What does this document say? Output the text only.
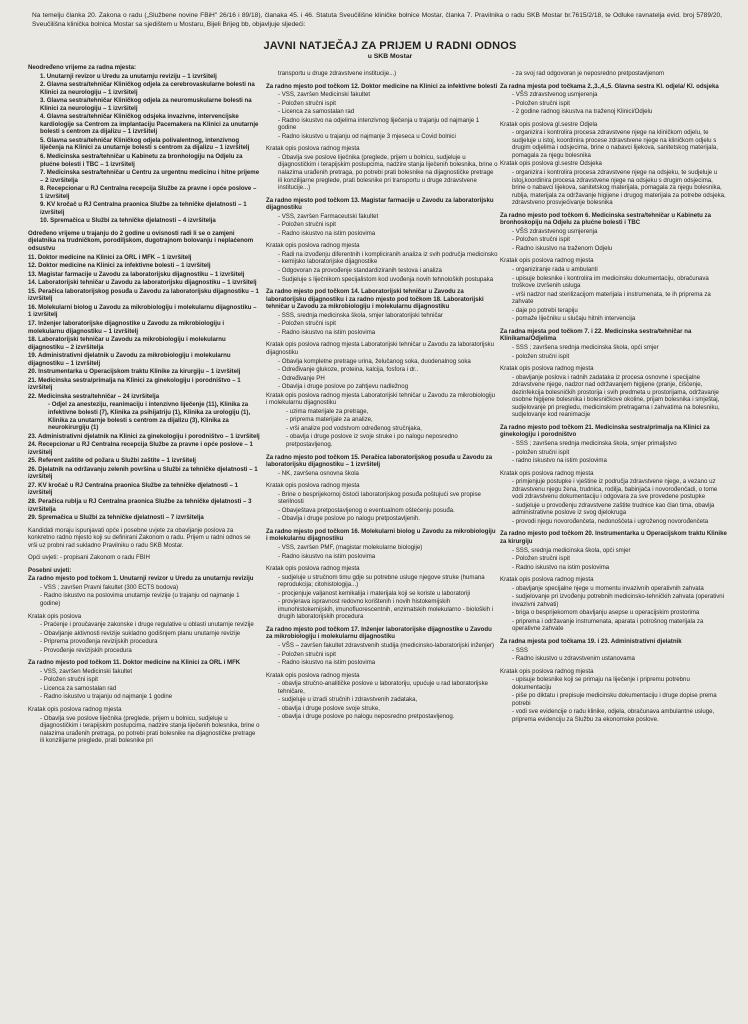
Na temelju članka 20. Zakona o radu („Službene novine FBiH" 26/16 i 89/18), članaka 45. i 46. Statuta Sveučilišne kliničke bolnice Mostar, članka 7. Pravilnika o radu SKB Mostar br.7615/2/18, te Odluke ravnatelja evid. broj 5789/20, Sveučilišna klinička bolnica Mostar sa sjedištem u Mostaru, Bijeli Brijeg bb, objavljuje sljedeći:
JAVNI NATJEČAJ ZA PRIJEM U RADNI ODNOS
u SKB Mostar

Neodređeno vrijeme za radna mjesta:

1. Unutarnji revizor u Uredu za unutarnju reviziju – 1 izvršitelj

2. Glavna sestra/tehničar Kliničkog odjela za cerebrovaskularne bolesti na Klinici za neurologiju – 1 izvršitelj

3. Glavna sestra/tehničar Kliničkog odjela za neuromuskularne bolesti na Klinici za neurologiju – 1 izvršitelj

4. Glavna sestra/tehničar Kliničkog odsjeka invazivne, intervencijske kardiologije sa Centrom za implantaciju Pacemakera na Klinici za unutarnje bolesti s centrom za dijalizu – 1 izvršitelj

5. Glavna sestra/tehničar Kliničkog odjela polivalentnog, intenzivnog liječenja na Klinici za unutarnje bolesti s centrom za dijalizu – 1 izvršitelj

6. Medicinska sestra/tehničar u Kabinetu za bronhologiju na Odjelu za plućne bolesti i TBC – 1 izvršitelj

7. Medicinska sestra/tehničar u Centru za urgentnu medicinu i hitne prijeme – 2 izvršitelja

8. Recepcionar u RJ Centralna recepcija Službe za pravne i opće poslove – 1 izvršitelj

9. KV kročač u RJ Centralna praonica Službe za tehničke djelatnosti – 1 izvršitelj

10. Spremačica u Službi za tehničke djelatnosti – 4 izvršitelja

Određeno vrijeme u trajanju do 2 godine u ovisnosti radi li se o zamjeni djelatnika na trudničkom, porodiljskom, dugotrajnom bolovanju i neplaćenom odsustvu

11. Doktor medicine na Klinici za ORL i MFK – 1 izvršitelj

12. Doktor medicine na Klinici za infektivne bolesti – 1 izvršitelj

13. Magistar farmacije u Zavodu za laboratorijsku dijagnostiku – 1 izvršitelj

14. Laboratorijski tehničar u Zavodu za laboratorijsku dijagnostiku – 1 izvršitelj

15. Peračica laboratorijskog posuđa u Zavodu za laboratorijsku dijagnostiku – 1 izvršitelj

16. Molekularni biolog u Zavodu za mikrobiologiju i molekularnu dijagnostiku – 1 izvršitelj

17. Inženjer laboratorijske dijagnostike u Zavodu za mikrobiologiju i molekularnu dijagnostiku – 1 izvršitelj

18. Laboratorijski tehničar u Zavodu za mikrobiologiju i molekularnu dijagnostiku – 2 izvršitelja

19. Administrativni djelatnik u Zavodu za mikrobiologiju i molekularnu dijagnostiku – 1 izvršitelj

20. Instrumentarka u Operacijskom traktu Klinike za kirurgiju – 1 izvršitelj

21. Medicinska sestra/primalja na Klinici za ginekologiju i porodništvo – 1 izvršitelj

22. Medicinska sestra/tehničar – 24 izvršitelja

- Odjel za anesteziju, reanimaciju i intenzivno liječenje (11), Klinika za infektivne bolesti (7), Klinika za psihijatriju (1), Klinika za urologiju (1), Klinika za unutarnje bolesti s centrom za dijalizu (3), Klinika za neurokirurgiju (1)

23. Administrativni djelatnik na Klinici za ginekologiju i porodništvo – 1 izvršitelj

24. Recepcionar u RJ Centralna recepcija Službe za pravne i opće poslove – 1 izvršitelj

25. Referent zaštite od požara u Službi zaštite – 1 izvršitelj

26. Djelatnik na održavanju zelenih površina u Službi za tehničke djelatnosti – 1 izvršitelj

27. KV kročač u RJ Centralna praonica Službe za tehničke djelatnosti – 1 izvršitelj

28. Peračica rublja u RJ Centralna praonica Službe za tehničke djelatnosti – 3 izvršitelja

29. Spremačica u Službi za tehničke djelatnosti – 7 izvršitelja

Kandidati moraju ispunjavati opće i posebne uvjete za obavljanje poslova za konkretno radno mjesto koji su definirani Zakonom o radu. Prijem u radni odnos se vrši uz probni rad sukladno Pravilniku o radu SKB Mostar.

Opći uvjeti: - propisani Zakonom o radu FBIH

Posebni uvjeti:

Za radno mjesto pod točkom 1. Unutarnji revizor u Uredu za unutarnju reviziju

- VSS ; završen Pravni fakultet (300 ECTS bodova)

- Radno iskustvo na poslovima unutarnje revizije (u trajanju od najmanje 1 godine)

Kratak opis poslova

- Praćenje i proučavanje zakonske i druge regulative u oblasti unutarnje revizije

- Obavljanje aktivnosti revizije sukladno godišnjem planu unutarnje revizije

- Priprema provođenja revizijskih procedura

- Provođenje revizijskih procedura

Za radno mjesto pod točkom 11. Doktor medicine na Klinici za ORL i MFK

- VSS, završen Medicinski fakultet

- Položen stručni ispit

- Licenca za samostalan rad

- Radno iskustvo u trajanju od najmanje 1 godine

Kratak opis poslova radnog mjesta

- Obavlja sve poslove liječnika (preglede, prijem u bolnicu, sudjeluje u dijagnostičkim i terapijskim postupcima, nadzire stanja liječenih bolesnika, brine o nalazima urađenih pretraga, po potrebi prati bolesnike na dijagnostičke pretrage ili konzilijarne preglede, prati bolesnike pri

transportu u druge zdravstvene institucije...)

Za radno mjesto pod točkom 12. Doktor medicine na Klinici za infektivne bolesti

- VSS, završen Medicinski fakultet

- Položen stručni ispit

- Licenca za samostalan rad

- Radno iskustvo na odjelima intenzivnog liječenja u trajanju od najmanje 1 godine

- Radno iskustvo u trajanju od najmanje 3 mjeseca u Covid bolnici

Kratak opis poslova radnog mjesta

- Obavlja sve poslove liječnika (preglede, prijem u bolnicu, sudjeluje u dijagnostičkim i terapijskim postupcima, nadzire stanja liječenih bolesnika, brine o nalazima urađenih pretraga, po potrebi prati bolesnike na dijagnostičke pretrage ili konzilijarne preglede, prati bolesnike pri transportu u druge zdravstvene institucije...)

Za radno mjesto pod točkom 13. Magistar farmacije u Zavodu za laboratorijsku dijagnostiku

- VSS, završen Farmaceutski fakultet

- Položen stručni ispit

- Radno iskustvo na istim poslovima

Kratak opis poslova radnog mjesta

- Radi na izvođenju diferentnih i kompliciranih analiza iz svih područja medicinsko - kemijsko laboratorijske dijagnostike

- Odgovoran za provođenje standardiziranih testova i analiza

- Sudjeluje s liječnikom specijalistom kod uvođenja novih tehnoloških postupaka

Za radno mjesto pod točkom 14. Laboratorijski tehničar u Zavodu za laboratorijsku dijagnostiku i za radno mjesto pod točkom 18. Laboratorijski tehničar u Zavodu za mikrobiologiju i molekularnu dijagnostiku

- SSS, srednja medicinska škola, smjer laboratorijski tehničar

- Položen stručni ispit

- Radno iskustvo na istim poslovima

Kratak opis poslova radnog mjesta Laboratorijski tehničar u Zavodu za laboratorijsku dijagnostiku

- Obavlja kompletne pretrage urina, želučanog soka, duodenalnog soka

- Određivanje glukoze, proteina, kalcija, fosfora i dr..

- Određivanje PH

- Obavlja i druge poslove po zahtjevu nadležnog

Kratak opis poslova radnog mjesta Laboratorijski tehničar u Zavodu za mikrobiologiju i molekularnu dijagnostiku

- uzima materijale za pretrage,

- priprema materijale za analize,

- vrši analize pod vodstvom određenog stručnjaka,

- obavlja i druge poslove iz svoje struke i po nalogu neposredno pretpostavljenog.

Za radno mjesto pod točkom 15. Peračica laboratorijskog posuđa u Zavodu za laboratorijsku dijagnostiku – 1 izvršitelj

- NK, završena osnovna škola

Kratak opis poslova radnog mjesta

- Brine o besprijekornoj čistoći laboratorijskog posuđa poštujući sve propise sterilnosti

- Obavještava pretpostavljenog o eventualnom oštećenju posuđa.

- Obavlja i druge poslove po nalogu pretpostavljenih.

Za radno mjesto pod točkom 16. Molekularni biolog u Zavodu za mikrobiologiju i molekularnu dijagnostiku

- VSS, završen PMF, (magistar molekularne biologije)

- Radno iskustvo na istim poslovima

Kratak opis poslova radnog mjesta

- sudjeluje u stručnom timu gdje su potrebne usluge njegove struke (humana reprodukcija; citohistologija...)

- procjenjuje valjanost kemikalija i materijala koji se koriste u laboratoriji

- provjerava ispravnost redovno korištenih i novih histokemijskih imunohistokemijskih, imunofluorescentnih, enzimatskih molekularno - bioloških i drugih laboratorijskih procedura

Za radno mjesto pod točkom 17. Inženjer laboratorijske dijagnostike u Zavodu za mikrobiologiju i molekularnu dijagnostiku

- VŠS – završen fakultet zdravstvenih studija (medicinsko-laboratorijski inženjer)

- Položen stručni ispit

- Radno iskustvo na istim poslovima

Kratak opis poslova radnog mjesta

- obavlja stručno-analitičke poslove u laboratoriju, upućuje u rad laboratorijske tehničare,

- sudjeluje u izradi stručnih i zdravstvenih zadataka,

- obavlja i druge poslove svoje struke,

- obavlja i druge poslove po nalogu neposredno pretpostavljenog.

- za svoj rad odgovoran je neposredno pretpostavljenom

Za radna mjesta pod točkama 2.,3.,4.,5. Glavna sestra Kl. odjela/ Kl. odsjeka

- VŠS zdravstvenog usmjerenja

- Položen stručni ispit

- 2 godine radnog iskustva na traženoj Klinici/Odjelu

Kratak opis poslova gl.sestre Odjela

- organizira i kontrolira procesa zdravstvene njege na kliničkom odjelu, te sudjeluje u istoj, koordinira procese zdravstvene njege na kliničkom odjelu s drugim odjelima i odsjecima, brine o nabavci lijekova, sanitetskog materijala, pomagala za njegu bolesnika

Kratak opis poslova gl.sestre Odsjeka

- organizira i kontrolira procesa zdravstvene njege na odsjeku, te sudjeluje u istoj,koordinira procesa zdravstvene njege na odsjeku s drugim odsjecima, brine o nabavci lijekova, sanitetskog materijala, pomagala za njegu bolesnika, rublja, materijala za održavanje higijene i drugog materijala za potrebe odsjeka, zdravstveno prosvjećivanje bolesnika

Za radno mjesto pod točkom 6. Medicinska sestra/tehničar u Kabinetu za bronhoskopiju na Odjelu za plućne bolesti i TBC

- VŠS zdravstvenog usmjerenja

- Položen stručni ispit

- Radno iskustvo na traženom Odjelu

Kratak opis poslova radnog mjesta

- organiziranje rada u ambulanti

- upisuje bolesnike i kontrolira im medicinsku dokumentaciju, obračunava troškove izvršenih usluga

- vrši nadzor nad sterilizacijom materijala i instrumenata, te ih priprema za zahvate

- daje po potrebi terapiju

- pomaže liječniku u slučaju hitnih intervencija

Za radna mjesta pod točkom 7. i 22. Medicinska sestra/tehničar na Klinikama/Odjelima

- SSS ; završena srednja medicinska škola, opći smjer

- položen stručni ispit

Kratak opis poslova radnog mjesta

- obavljanje poslova i radnih zadataka iz procesa osnovne i specijalne zdravstvene njege, nadzor nad održavanjem higijene (pranje, čišćenje, dezinfekcija bolesničkih prostorija i svih predmeta u prostorijama, održavanje osobne higijene bolesnika i bolesničkove okoline, prijam bolesnika i smještaj, sudjelovanje pri pregledu, medicinskim pretragama i zahvatima na bolesniku, sudjelovanje kod reanimacije

Za radno mjesto pod točkom 21. Medicinska sestra/primalja na Klinici za ginekologiju i porodništvo

- SSS ; završena srednja medicinska škola, smjer primaljstvo

- položen stručni ispit

- radno iskustvo na istim poslovima

Kratak opis poslova radnog mjesta

- primjenjuje postupke i vještine iz područja zdravstvene njege, a vezano uz zdravstvenu njegu žena, trudnica, rodilja, babinjača i novorođenčadi, o tome vodi zdravstvenu dokumentaciju i odgovara za sve provedene postupke

- sudjeluje u provođenju zdravstvene zaštite trudnice kao član tima, obavlja administrativne poslove iz svog djelokruga

- provodi njegu novorođenčeta, nedonoščeta i ugroženog novorođenčeta

Za radno mjesto pod točkom 20. Instrumentarka u Operacijskom traktu Klinike za kirurgiju

- SSS, srednja medicinska škola, opći smjer

- Položen stručni ispit

- Radno iskustvo na istim poslovima

Kratak opis poslova radnog mjesta

- obavljanje specijalne njege u momentu invazivnih operativnih zahvata

- sudjelovanje pri izvođenju potrebnih medicinsko-tehničkih zahvata (operativni invazivni zahvati)

- briga o besprijekornom obavljanju asepse u operacijskim prostorima

- priprema i održavanje instrumenata, aparata i potrošnog materijala za operativne zahvate

Za radna mjesta pod točkama 19. i 23. Administrativni djelatnik

- SSS

- Radno iskustvo u zdravstvenim ustanovama

Kratak opis poslova radnog mjesta

- upisuje bolesnike koji se primaju na liječenje i pripremu potrebnu dokumentaciju

- piše po diktatu i prepisuje medicinsku dokumentaciju i druge dopise prema potrebi

- vodi sve evidencije o radu klinike, odjela, obračunava ambulantne usluge, priprema evidenciju za Službu za ekonomske poslove.
